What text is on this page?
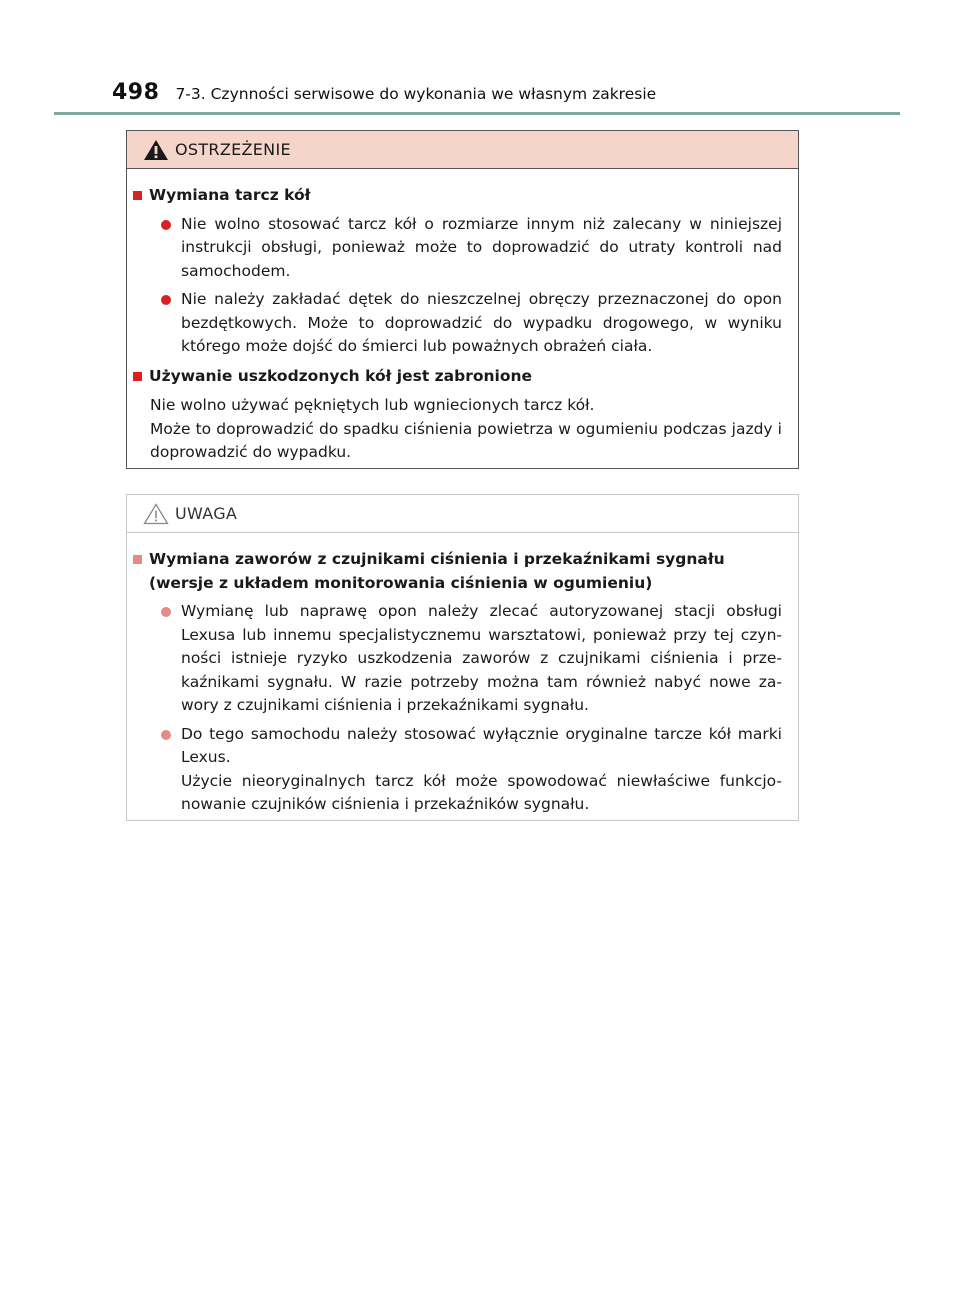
498 7-3. Czynności serwisowe do wykonania we własnym zakresie
OSTRZEŻENIE
Wymiana tarcz kół
Nie wolno stosować tarcz kół o rozmiarze innym niż zalecany w niniejszej instrukcji obsługi, ponieważ może to doprowadzić do utraty kontroli nad samochodem.
Nie należy zakładać dętek do nieszczelnej obręczy przeznaczonej do opon bezdętkowych. Może to doprowadzić do wypadku drogowego, w wyniku którego może dojść do śmierci lub poważnych obrażeń ciała.
Używanie uszkodzonych kół jest zabronione
Nie wolno używać pękniętych lub wgniecionych tarcz kół.
Może to doprowadzić do spadku ciśnienia powietrza w ogumieniu podczas jazdy i doprowadzić do wypadku.
UWAGA
Wymiana zaworów z czujnikami ciśnienia i przekaźnikami sygnału (wersje z układem monitorowania ciśnienia w ogumieniu)
Wymianę lub naprawę opon należy zlecać autoryzowanej stacji obsługi Lexusa lub innemu specjalistycznemu warsztatowi, ponieważ przy tej czyn-ności istnieje ryzyko uszkodzenia zaworów z czujnikami ciśnienia i prze-kaźnikami sygnału. W razie potrzeby można tam również nabyć nowe za-wory z czujnikami ciśnienia i przekaźnikami sygnału.
Do tego samochodu należy stosować wyłącznie oryginalne tarcze kół marki Lexus.
Użycie nieoryginalnych tarcz kół może spowodować niewłaściwe funkcjo-nowanie czujników ciśnienia i przekaźników sygnału.
